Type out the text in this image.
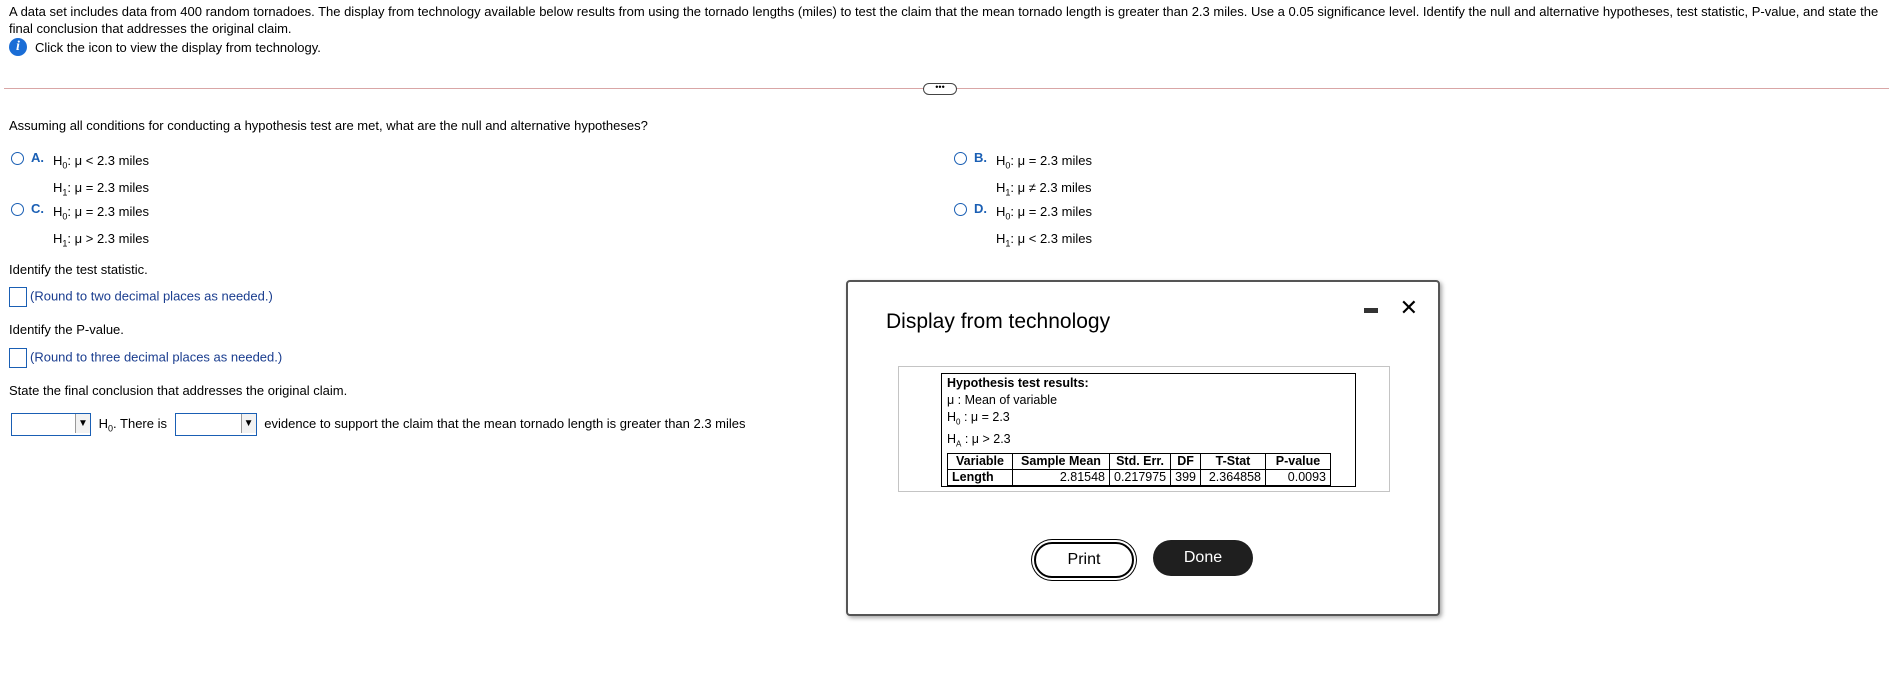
A data set includes data from 400 random tornadoes. The display from technology available below results from using the tornado lengths (miles) to test the claim that the mean tornado length is greater than 2.3 miles. Use a 0.05 significance level. Identify the null and alternative hypotheses, test statistic, P-value, and state the final conclusion that addresses the original claim.
i	Click the icon to view the display from technology.
•••
Assuming all conditions for conducting a hypothesis test are met, what are the null and alternative hypotheses?
A. $H_0$: μ < 2.3 miles
$H_1$: μ = 2.3 miles
B. $H_0$: μ = 2.3 miles
$H_1$: μ ≠ 2.3 miles
C. $H_0$: μ = 2.3 miles
$H_1$: μ > 2.3 miles
D. $H_0$: μ = 2.3 miles
$H_1$: μ < 2.3 miles
Identify the test statistic.
(Round to two decimal places as needed.)
Identify the P-value.
(Round to three decimal places as needed.)
State the final conclusion that addresses the original claim.
▼ $H_0$. There is	▼ evidence to support the claim that the mean tornado length is greater than 2.3 miles
Display from technology
✕
Hypothesis test results:
μ : Mean of variable
$H_0$ : μ = 2.3
$H_A$ : μ > 2.3
Variable	Sample Mean	Std. Err.	DF	T-Stat	P-value
Length	2.81548	0.217975	399	2.364858	0.0093
Print	Done
